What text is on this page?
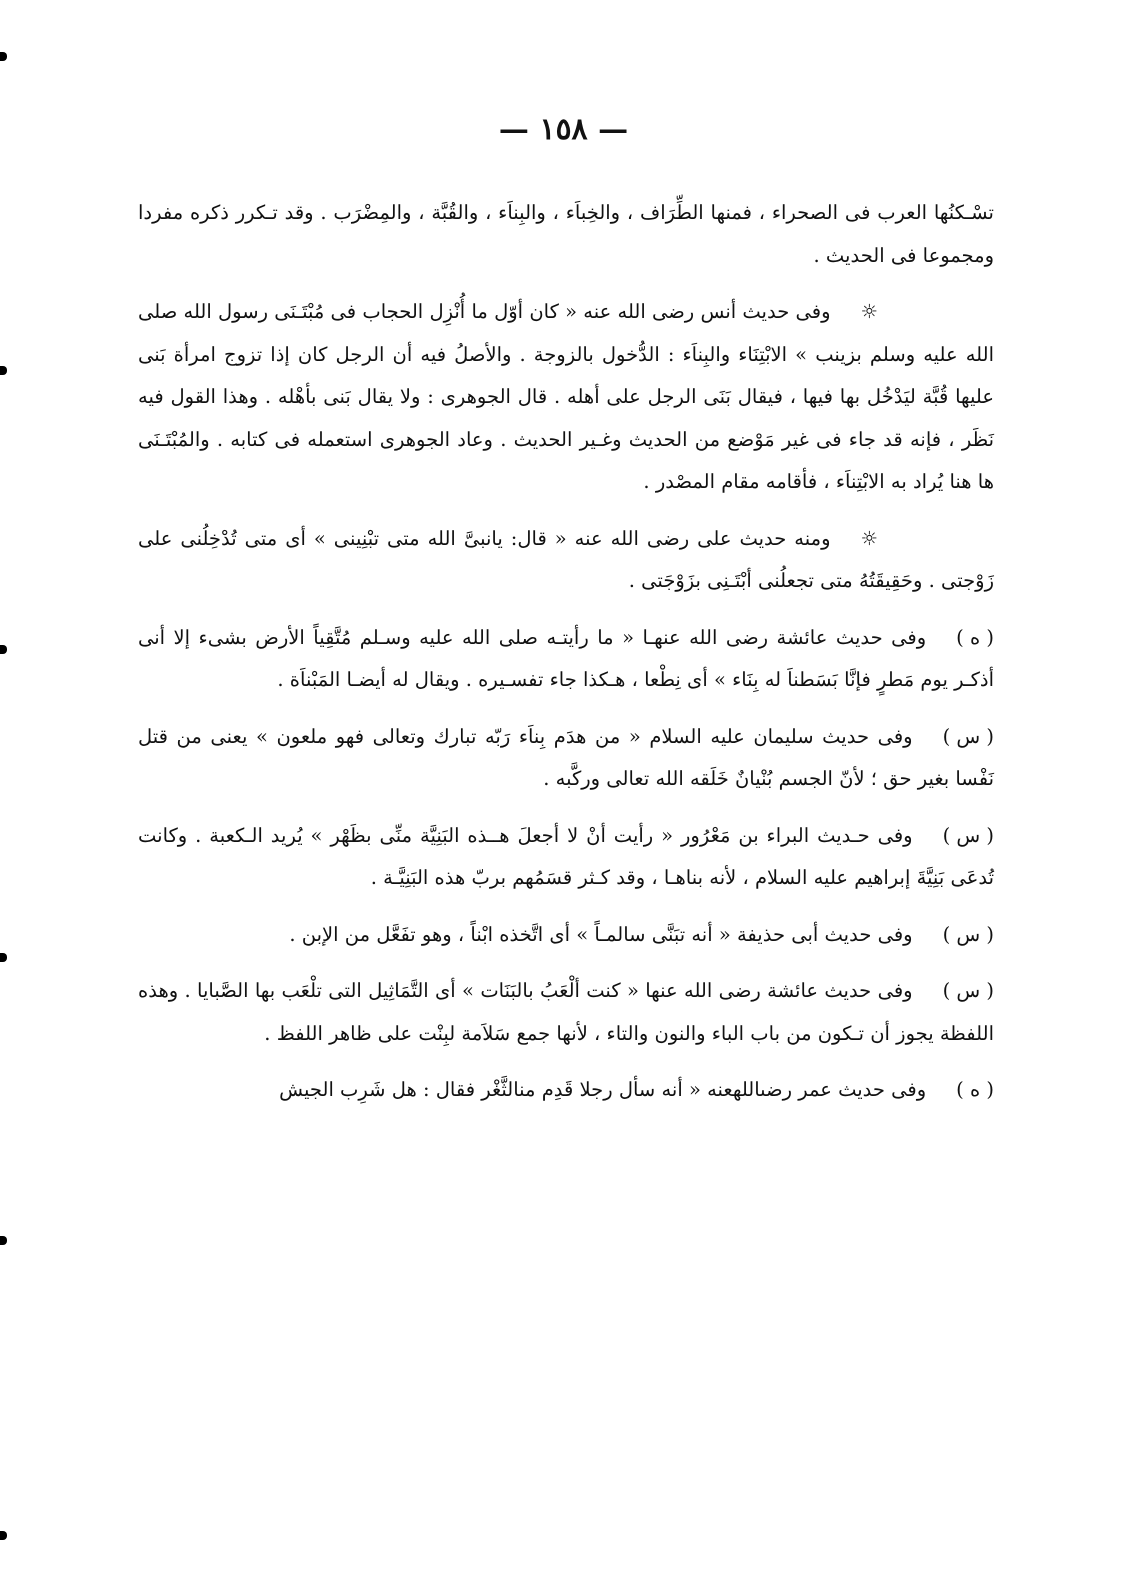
— ١٥٨ —

تسْـكنُها العرب فى الصحراء ، فمنها الطِّرَاف ، والخِباَء ، والبِناَء ، والقُبَّة ، والمِضْرَب . وقد تـكرر ذكره مفردا ومجموعا فى الحديث .

☼وفى حديث أنس رضى الله عنه « كان أوّل ما أُنْزِل الحجاب فى مُبْتَـنَى رسول الله صلى الله عليه وسلم بزينب » الابْتِنَاء والبِناَء : الدُّخول بالزوجة . والأصلُ فيه أن الرجل كان إذا تزوج امرأة بَنى عليها قُبَّة ليَدْخُل بها فيها ، فيقال بَنَى الرجل على أهله . قال الجوهرى : ولا يقال بَنى بأهْله . وهذا القول فيه نَظَر ، فإنه قد جاء فى غير مَوْضع من الحديث وغـير الحديث . وعاد الجوهرى استعمله فى كتابه . والمُبْتَـنَى ها هنا يُراد به الابْتِناَء ، فأقامه مقام المصْدر .

☼ومنه حديث على رضى الله عنه « قال: يانبىَّ الله متى تبْنِينى » أى متى تُدْخِلُنى على زَوْجتى . وحَقِيقَتُهُ متى تجعلُنى أبْتَـنِى بزَوْجَتى .

( ه )وفى حديث عائشة رضى الله عنهـا « ما رأيتـه صلى الله عليه وسـلم مُتَّقِياً الأرض بشىء إلا أنى أذكـر يوم مَطرٍ فإنَّا بَسَطناَ له بِنَاء » أى نِطْعا ، هـكذا جاء تفسـيره . ويقال له أيضـا المَبْناَة .

( س )وفى حديث سليمان عليه السلام « من هدَم بِناَء رَبّه تبارك وتعالى فهو ملعون » يعنى من قتل نَفْسا بغير حق ؛ لأنّ الجسم بُنْيانٌ خَلَقه الله تعالى وركَّبه .

( س )وفى حـديث البراء بن مَعْرُور « رأيت أنْ لا أجعلَ هــذه البَنِيَّة منِّى بظَهْر » يُريد الـكعبة . وكانت تُدعَى بَنِيَّةَ إبراهيم عليه السلام ، لأنه بناهـا ، وقد كـثر قسَمُهم بربّ هذه البَنِيَّـة .

( س )وفى حديث أبى حذيفة « أنه تبَنَّى سالمـاً » أى اتَّخذه ابْناً ، وهو تفَعَّل من الإبن .

( س )وفى حديث عائشة رضى الله عنها « كنت ألْعَبُ بالبَنَات » أى التَّمَاثِيل التى تلْعَب بها الصَّبايا . وهذه اللفظة يجوز أن تـكون من باب الباء والنون والتاء ، لأنها جمع سَلاَمة لبِنْت على ظاهر اللفظ .

( ه )وفى حديث عمر رضىاللهعنه « أنه سأل رجلا قَدِم منالثَّغْر فقال : هل شَرِب الجيش
